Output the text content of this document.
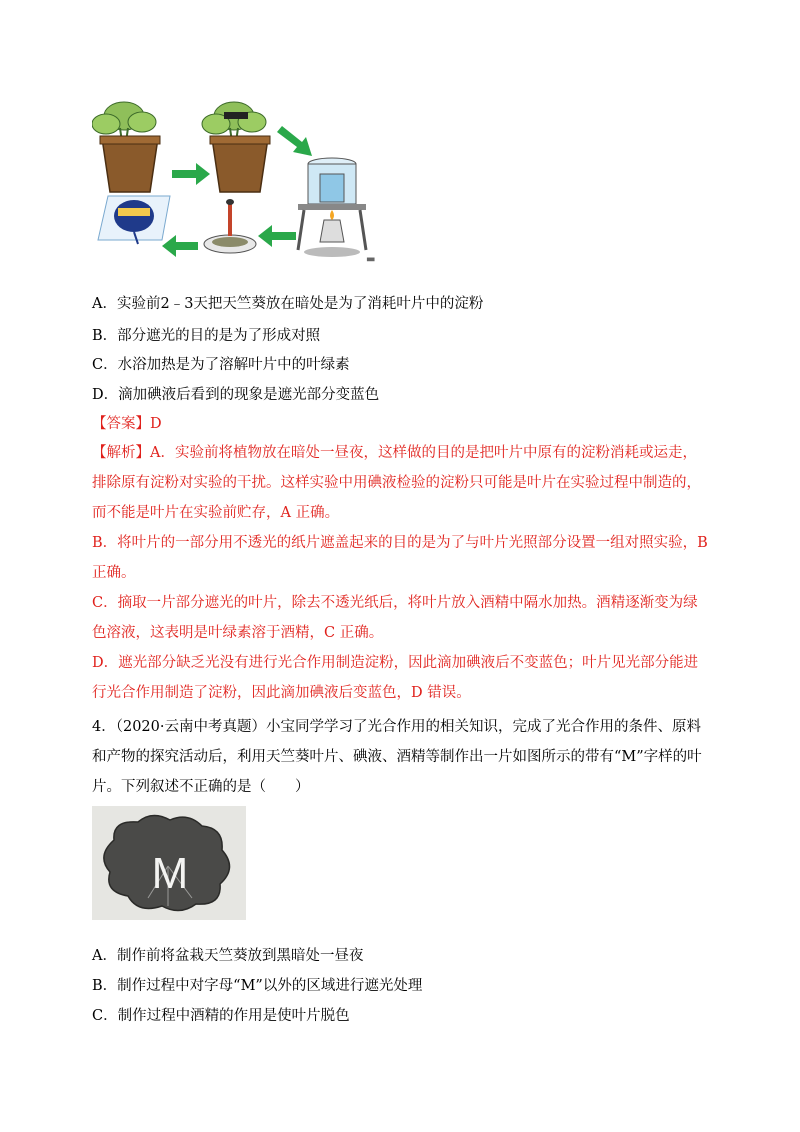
▬
A．实验前2﹣3天把天竺葵放在暗处是为了消耗叶片中的淀粉
B．部分遮光的目的是为了形成对照
C．水浴加热是为了溶解叶片中的叶绿素
D．滴加碘液后看到的现象是遮光部分变蓝色
【答案】D
【解析】A．实验前将植物放在暗处一昼夜，这样做的目的是把叶片中原有的淀粉消耗或运走，排除原有淀粉对实验的干扰。这样实验中用碘液检验的淀粉只可能是叶片在实验过程中制造的，而不能是叶片在实验前贮存，A 正确。
B．将叶片的一部分用不透光的纸片遮盖起来的目的是为了与叶片光照部分设置一组对照实验，B 正确。
C．摘取一片部分遮光的叶片，除去不透光纸后，将叶片放入酒精中隔水加热。酒精逐渐变为绿色溶液，这表明是叶绿素溶于酒精，C 正确。
D．遮光部分缺乏光没有进行光合作用制造淀粉，因此滴加碘液后不变蓝色；叶片见光部分能进行光合作用制造了淀粉，因此滴加碘液后变蓝色，D 错误。
4．（2020·云南中考真题）小宝同学学习了光合作用的相关知识，完成了光合作用的条件、原料和产物的探究活动后，利用天竺葵叶片、碘液、酒精等制作出一片如图所示的带有“M”字样的叶片。下列叙述不正确的是（　　）
M
A．制作前将盆栽天竺葵放到黑暗处一昼夜
B．制作过程中对字母“M”以外的区域进行遮光处理
C．制作过程中酒精的作用是使叶片脱色
